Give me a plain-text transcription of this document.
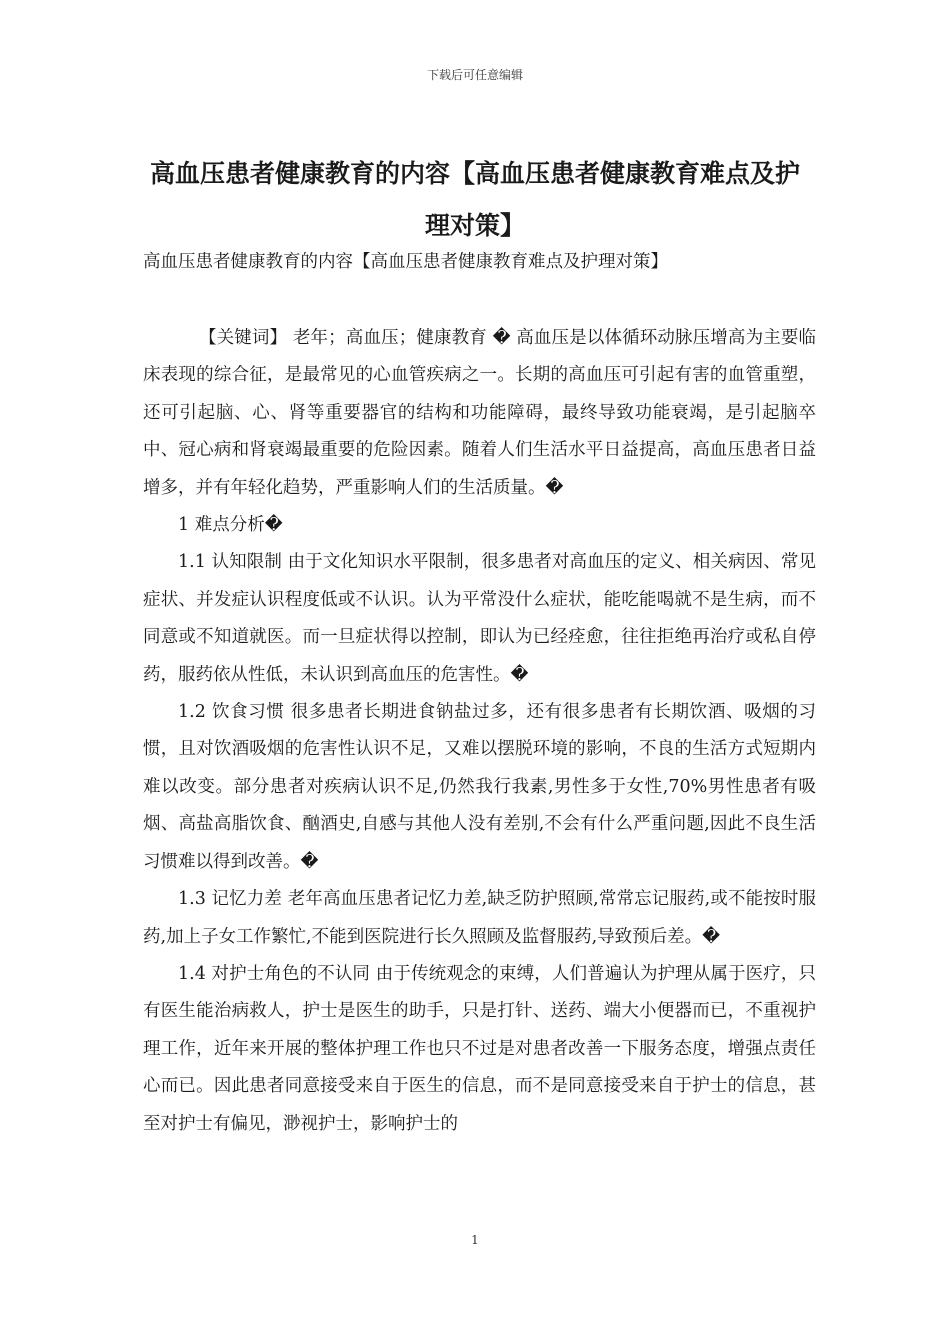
下载后可任意编辑
高血压患者健康教育的内容【高血压患者健康教育难点及护理对策】

高血压患者健康教育的内容【高血压患者健康教育难点及护理对策】

【关键词】 老年；高血压；健康教育 � 高血压是以体循环动脉压增高为主要临床表现的综合征，是最常见的心血管疾病之一。长期的高血压可引起有害的血管重塑，还可引起脑、心、肾等重要器官的结构和功能障碍，最终导致功能衰竭，是引起脑卒中、冠心病和肾衰竭最重要的危险因素。随着人们生活水平日益提高，高血压患者日益增多，并有年轻化趋势，严重影响人们的生活质量。�

1 难点分析�

1.1 认知限制 由于文化知识水平限制，很多患者对高血压的定义、相关病因、常见症状、并发症认识程度低或不认识。认为平常没什么症状，能吃能喝就不是生病，而不同意或不知道就医。而一旦症状得以控制，即认为已经痊愈，往往拒绝再治疗或私自停药，服药依从性低，未认识到高血压的危害性。�

1.2 饮食习惯 很多患者长期进食钠盐过多，还有很多患者有长期饮酒、吸烟的习惯，且对饮酒吸烟的危害性认识不足，又难以摆脱环境的影响，不良的生活方式短期内难以改变。部分患者对疾病认识不足,仍然我行我素,男性多于女性,70%男性患者有吸烟、高盐高脂饮食、酗酒史,自感与其他人没有差别,不会有什么严重问题,因此不良生活习惯难以得到改善。�

1.3 记忆力差 老年高血压患者记忆力差,缺乏防护照顾,常常忘记服药,或不能按时服药,加上子女工作繁忙,不能到医院进行长久照顾及监督服药,导致预后差。�

1.4 对护士角色的不认同 由于传统观念的束缚，人们普遍认为护理从属于医疗，只有医生能治病救人，护士是医生的助手，只是打针、送药、端大小便器而已，不重视护理工作，近年来开展的整体护理工作也只不过是对患者改善一下服务态度，增强点责任心而已。因此患者同意接受来自于医生的信息，而不是同意接受来自于护士的信息，甚至对护士有偏见，渺视护士，影响护士的

1
